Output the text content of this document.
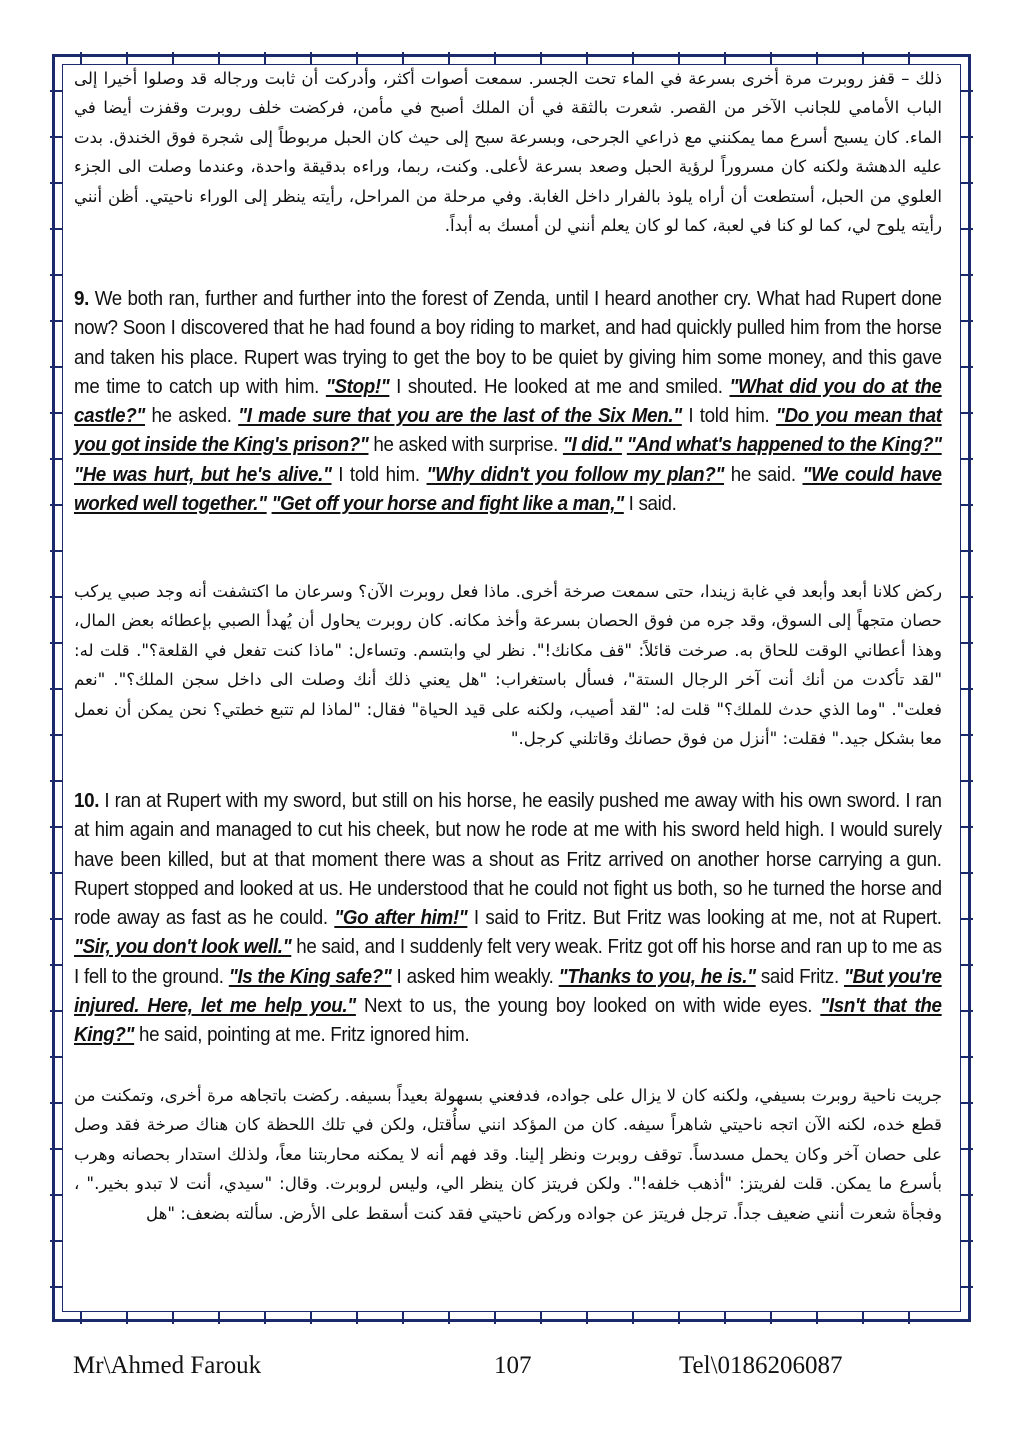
ذلك – قفز روبرت مرة أخرى بسرعة في الماء تحت الجسر. سمعت أصوات أكثر، وأدركت أن ثابت ورجاله قد وصلوا أخيرا إلى الباب الأمامي للجانب الآخر من القصر. شعرت بالثقة في أن الملك أصبح في مأمن، فركضت خلف روبرت وقفزت أيضا في الماء. كان يسبح أسرع مما يمكنني مع ذراعي الجرحى، وبسرعة سبح إلى حيث كان الحبل مربوطاً إلى شجرة فوق الخندق. بدت عليه الدهشة ولكنه كان مسروراً لرؤية الحبل وصعد بسرعة لأعلى. وكنت، ربما، وراءه بدقيقة واحدة، وعندما وصلت الى الجزء العلوي من الحبل، أستطعت أن أراه يلوذ بالفرار داخل الغابة. وفي مرحلة من المراحل، رأيته ينظر إلى الوراء ناحيتي. أظن أنني رأيته يلوح لي، كما لو كنا في لعبة، كما لو كان يعلم أنني لن أمسك به أبداً.

9. We both ran, further and further into the forest of Zenda, until I heard another cry. What had Rupert done now? Soon I discovered that he had found a boy riding to market, and had quickly pulled him from the horse and taken his place. Rupert was trying to get the boy to be quiet by giving him some money, and this gave me time to catch up with him. "Stop!" I shouted. He looked at me and smiled. "What did you do at the castle?" he asked. "I made sure that you are the last of the Six Men." I told him. "Do you mean that you got inside the King's prison?" he asked with surprise. "I did." "And what's happened to the King?" "He was hurt, but he's alive." I told him. "Why didn't you follow my plan?" he said. "We could have worked well together." "Get off your horse and fight like a man," I said.

ركض كلانا أبعد وأبعد في غابة زيندا، حتى سمعت صرخة أخرى. ماذا فعل روبرت الآن؟ وسرعان ما اكتشفت أنه وجد صبي يركب حصان متجهاً إلى السوق، وقد جره من فوق الحصان بسرعة وأخذ مكانه. كان روبرت يحاول أن يُهدأ الصبي بإعطائه بعض المال، وهذا أعطاني الوقت للحاق به. صرخت قائلاً: "قف مكانك!". نظر لي وابتسم. وتساءل: "ماذا كنت تفعل في القلعة؟". قلت له: "لقد تأكدت من أنك أنت آخر الرجال الستة"، فسأل باستغراب: "هل يعني ذلك أنك وصلت الى داخل سجن الملك؟". "نعم فعلت". "وما الذي حدث للملك؟" قلت له: "لقد أصيب، ولكنه على قيد الحياة" فقال: "لماذا لم تتبع خطتي؟ نحن يمكن أن نعمل معا بشكل جيد." فقلت: "أنزل من فوق حصانك وقاتلني كرجل."

10. I ran at Rupert with my sword, but still on his horse, he easily pushed me away with his own sword. I ran at him again and managed to cut his cheek, but now he rode at me with his sword held high. I would surely have been killed, but at that moment there was a shout as Fritz arrived on another horse carrying a gun. Rupert stopped and looked at us. He understood that he could not fight us both, so he turned the horse and rode away as fast as he could. "Go after him!" I said to Fritz. But Fritz was looking at me, not at Rupert. "Sir, you don't look well." he said, and I suddenly felt very weak. Fritz got off his horse and ran up to me as I fell to the ground. "Is the King safe?" I asked him weakly. "Thanks to you, he is." said Fritz. "But you're injured. Here, let me help you." Next to us, the young boy looked on with wide eyes. "Isn't that the King?" he said, pointing at me. Fritz ignored him.

جريت ناحية روبرت بسيفي، ولكنه كان لا يزال على جواده، فدفعني بسهولة بعيداً بسيفه. ركضت باتجاهه مرة أخرى، وتمكنت من قطع خده، لكنه الآن اتجه ناحيتي شاهراً سيفه. كان من المؤكد انني سأُقتل، ولكن في تلك اللحظة كان هناك صرخة فقد وصل على حصان آخر وكان يحمل مسدساً. توقف روبرت ونظر إلينا. وقد فهم أنه لا يمكنه محاربتنا معاً، ولذلك استدار بحصانه وهرب بأسرع ما يمكن. قلت لفريتز: "أذهب خلفه!". ولكن فريتز كان ينظر الي، وليس لروبرت. وقال: "سيدي، أنت لا تبدو بخير." ، وفجأة شعرت أنني ضعيف جداً. ترجل فريتز عن جواده وركض ناحيتي فقد كنت أسقط على الأرض. سألته بضعف: "هل

Mr\Ahmed Farouk	107	Tel\0186206087
